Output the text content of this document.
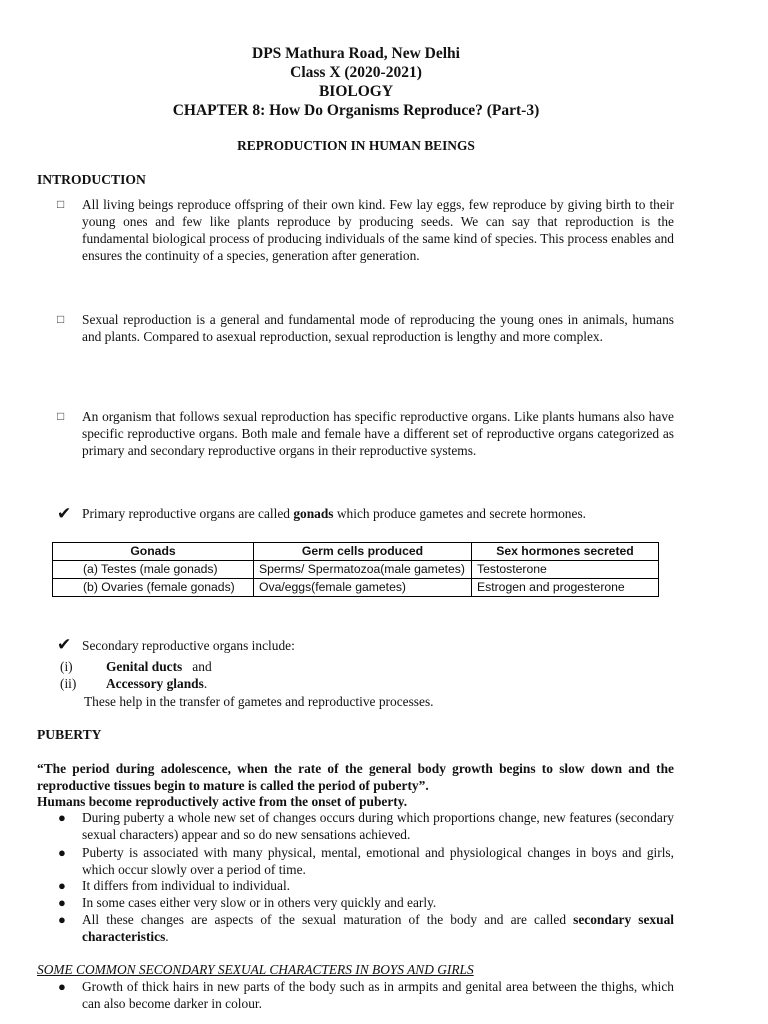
DPS Mathura Road, New Delhi
Class X (2020-2021)
BIOLOGY
CHAPTER 8: How Do Organisms Reproduce? (Part-3)
REPRODUCTION IN HUMAN BEINGS
INTRODUCTION
□	All living beings reproduce offspring of their own kind. Few lay eggs, few reproduce by giving birth to their young ones and few like plants reproduce by producing seeds. We can say that reproduction is the fundamental biological process of producing individuals of the same kind of species. This process enables and ensures the continuity of a species, generation after generation.
□	Sexual reproduction is a general and fundamental mode of reproducing the young ones in animals, humans and plants. Compared to asexual reproduction, sexual reproduction is lengthy and more complex.
□	An organism that follows sexual reproduction has specific reproductive organs. Like plants humans also have specific reproductive organs. Both male and female have a different set of reproductive organs categorized as primary and secondary reproductive organs in their reproductive systems.
✔ Primary reproductive organs are called gonads which produce gametes and secrete hormones.
Gonads	Germ cells produced	Sex hormones secreted
(a) Testes (male gonads)	Sperms/ Spermatozoa(male gametes)	Testosterone
(b) Ovaries (female gonads)	Ova/eggs(female gametes)	Estrogen and progesterone
✔ Secondary reproductive organs include:
(i) Genital ducts   and
(ii) Accessory glands.
These help in the transfer of gametes and reproductive processes.
PUBERTY
“The period during adolescence, when the rate of the general body growth begins to slow down and the reproductive tissues begin to mature is called the period of puberty”.
Humans become reproductively active from the onset of puberty.
● During puberty a whole new set of changes occurs during which proportions change, new features (secondary sexual characters) appear and so do new sensations achieved.
● Puberty is associated with many physical, mental, emotional and physiological changes in boys and girls, which occur slowly over a period of time.
● It differs from individual to individual.
● In some cases either very slow or in others very quickly and early.
● All these changes are aspects of the sexual maturation of the body and are called secondary sexual characteristics.
SOME COMMON SECONDARY SEXUAL CHARACTERS IN BOYS AND GIRLS
● Growth of thick hairs in new parts of the body such as in armpits and genital area between the thighs, which can also become darker in colour.
